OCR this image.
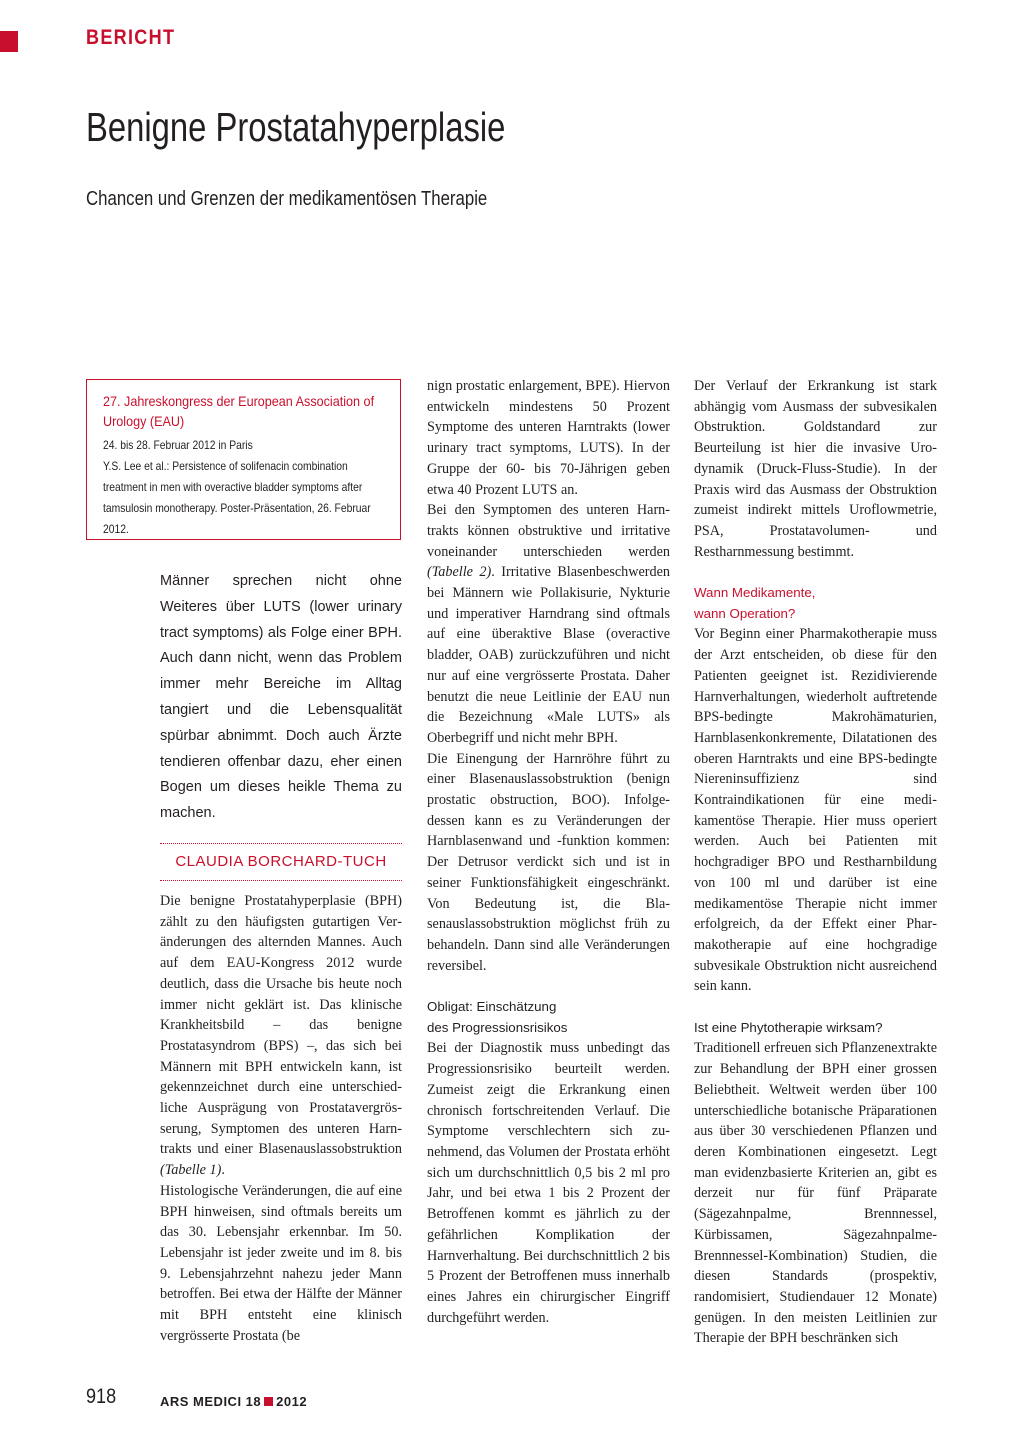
BERICHT
Benigne Prostatahyperplasie
Chancen und Grenzen der medikamentösen Therapie
27. Jahreskongress der European Association of Urology (EAU)
24. bis 28. Februar 2012 in Paris
Y.S. Lee et al.: Persistence of solifenacin combination treatment in men with overactive bladder symptoms after tamsulosin monotherapy. Poster-Präsentation, 26. Februar 2012.
Männer sprechen nicht ohne Weiteres über LUTS (lower urinary tract symptoms) als Folge einer BPH. Auch dann nicht, wenn das Problem immer mehr Bereiche im Alltag tangiert und die Lebensqualität spürbar abnimmt. Doch auch Ärzte tendieren offenbar dazu, eher einen Bogen um dieses heikle Thema zu machen.
CLAUDIA BORCHARD-TUCH

Die benigne Prostatahyperplasie (BPH) zählt zu den häufigsten gutartigen Veränderungen des alternden Mannes. Auch auf dem EAU-Kongress 2012 wurde deutlich, dass die Ursache bis heute noch immer nicht geklärt ist. Das klinische Krankheitsbild – das benigne Prostatasyndrom (BPS) –, das sich bei Männern mit BPH entwickeln kann, ist gekennzeichnet durch eine unterschiedliche Ausprägung von Prostatavergrösserung, Symptomen des unteren Harntrakts und einer Blasenauslassobstruktion (Tabelle 1).

Histologische Veränderungen, die auf eine BPH hinweisen, sind oftmals bereits um das 30. Lebensjahr erkennbar. Im 50. Lebensjahr ist jeder zweite und im 8. bis 9. Lebensjahrzehnt nahezu jeder Mann betroffen. Bei etwa der Hälfte der Männer mit BPH entsteht eine klinisch vergrösserte Prostata (be

nign prostatic enlargement, BPE). Hiervon entwickeln mindestens 50 Prozent Symptome des unteren Harntrakts (lower urinary tract symptoms, LUTS). In der Gruppe der 60- bis 70-Jährigen geben etwa 40 Prozent LUTS an.

Bei den Symptomen des unteren Harntrakts können obstruktive und irritative voneinander unterschieden werden (Tabelle 2). Irritative Blasenbeschwerden bei Männern wie Pollakisurie, Nykturie und imperativer Harndrang sind oftmals auf eine überaktive Blase (overactive bladder, OAB) zurückzuführen und nicht nur auf eine vergrösserte Prostata. Daher benutzt die neue Leitlinie der EAU nun die Bezeichnung «Male LUTS» als Oberbegriff und nicht mehr BPH.

Die Einengung der Harnröhre führt zu einer Blasenauslassobstruktion (benign prostatic obstruction, BOO). Infolgedessen kann es zu Veränderungen der Harnblasenwand und -funktion kommen: Der Detrusor verdickt sich und ist in seiner Funktionsfähigkeit eingeschränkt. Von Bedeutung ist, die Blasenauslassobstruktion möglichst früh zu behandeln. Dann sind alle Veränderungen reversibel.

Obligat: Einschätzung
des Progressionsrisikos

Bei der Diagnostik muss unbedingt das Progressionsrisiko beurteilt werden. Zumeist zeigt die Erkrankung einen chronisch fortschreitenden Verlauf. Die Symptome verschlechtern sich zunehmend, das Volumen der Prostata erhöht sich um durchschnittlich 0,5 bis 2 ml pro Jahr, und bei etwa 1 bis 2 Prozent der Betroffenen kommt es jährlich zu der gefährlichen Komplikation der Harnverhaltung. Bei durchschnittlich 2 bis 5 Prozent der Betroffenen muss innerhalb eines Jahres ein chirurgischer Eingriff durchgeführt werden.

Der Verlauf der Erkrankung ist stark abhängig vom Ausmass der subvesikalen Obstruktion. Goldstandard zur Beurteilung ist hier die invasive Urodynamik (Druck-Fluss-Studie). In der Praxis wird das Ausmass der Obstruktion zumeist indirekt mittels Uroflowmetrie, PSA, Prostatavolumen- und Restharnmessung bestimmt.

Wann Medikamente,
wann Operation?

Vor Beginn einer Pharmakotherapie muss der Arzt entscheiden, ob diese für den Patienten geeignet ist. Rezidivierende Harnverhaltungen, wiederholt auftretende BPS-bedingte Makrohämaturien, Harnblasenkonkremente, Dilatationen des oberen Harntrakts und eine BPS-bedingte Niereninsuffizienz sind Kontraindikationen für eine medikamentöse Therapie. Hier muss operiert werden. Auch bei Patienten mit hochgradiger BPO und Restharnbildung von 100 ml und darüber ist eine medikamentöse Therapie nicht immer erfolgreich, da der Effekt einer Pharmakotherapie auf eine hochgradige subvesikale Obstruktion nicht ausreichend sein kann.

Ist eine Phytotherapie wirksam?

Traditionell erfreuen sich Pflanzenextrakte zur Behandlung der BPH einer grossen Beliebtheit. Weltweit werden über 100 unterschiedliche botanische Präparationen aus über 30 verschiedenen Pflanzen und deren Kombinationen eingesetzt. Legt man evidenzbasierte Kriterien an, gibt es derzeit nur für fünf Präparate (Sägezahnpalme, Brennnessel, Kürbissamen, Sägezahnpalme-Brennnessel-Kombination) Studien, die diesen Standards (prospektiv, randomisiert, Studiendauer 12 Monate) genügen. In den meisten Leitlinien zur Therapie der BPH beschränken sich

918	ARS MEDICI 18 2012
